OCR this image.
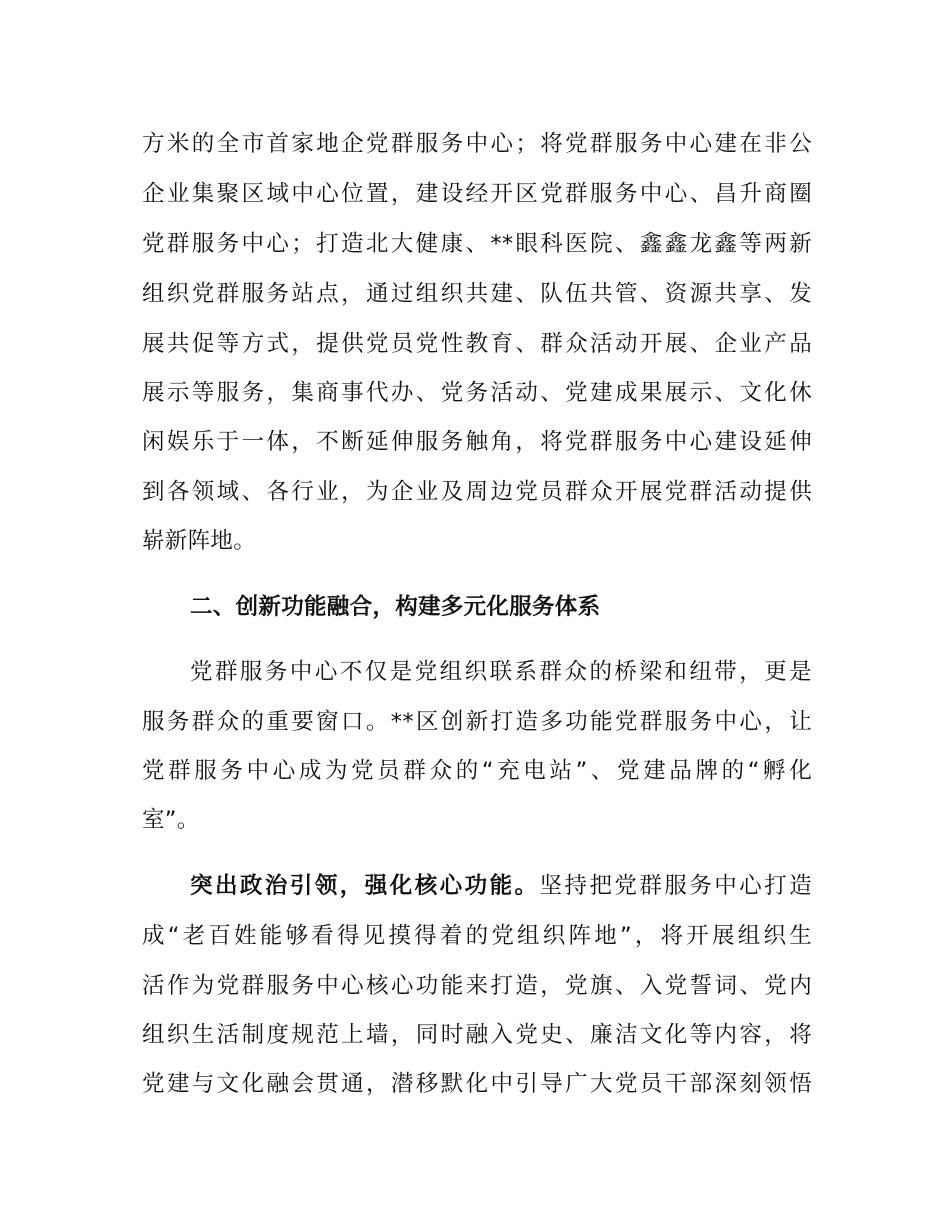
方米的全市首家地企党群服务中心；将党群服务中心建在非公
企业集聚区域中心位置，建设经开区党群服务中心、昌升商圈
党群服务中心；打造北大健康、**眼科医院、鑫鑫龙鑫等两新
组织党群服务站点，通过组织共建、队伍共管、资源共享、发
展共促等方式，提供党员党性教育、群众活动开展、企业产品
展示等服务，集商事代办、党务活动、党建成果展示、文化休
闲娱乐于一体，不断延伸服务触角，将党群服务中心建设延伸
到各领域、各行业，为企业及周边党员群众开展党群活动提供
崭新阵地。
二、创新功能融合，构建多元化服务体系
党群服务中心不仅是党组织联系群众的桥梁和纽带，更是
服务群众的重要窗口。**区创新打造多功能党群服务中心，让
党群服务中心成为党员群众的“充电站”、党建品牌的“孵化
室”。
突出政治引领，强化核心功能。坚持把党群服务中心打造
成“老百姓能够看得见摸得着的党组织阵地”，将开展组织生
活作为党群服务中心核心功能来打造，党旗、入党誓词、党内
组织生活制度规范上墙，同时融入党史、廉洁文化等内容，将
党建与文化融会贯通，潜移默化中引导广大党员干部深刻领悟
